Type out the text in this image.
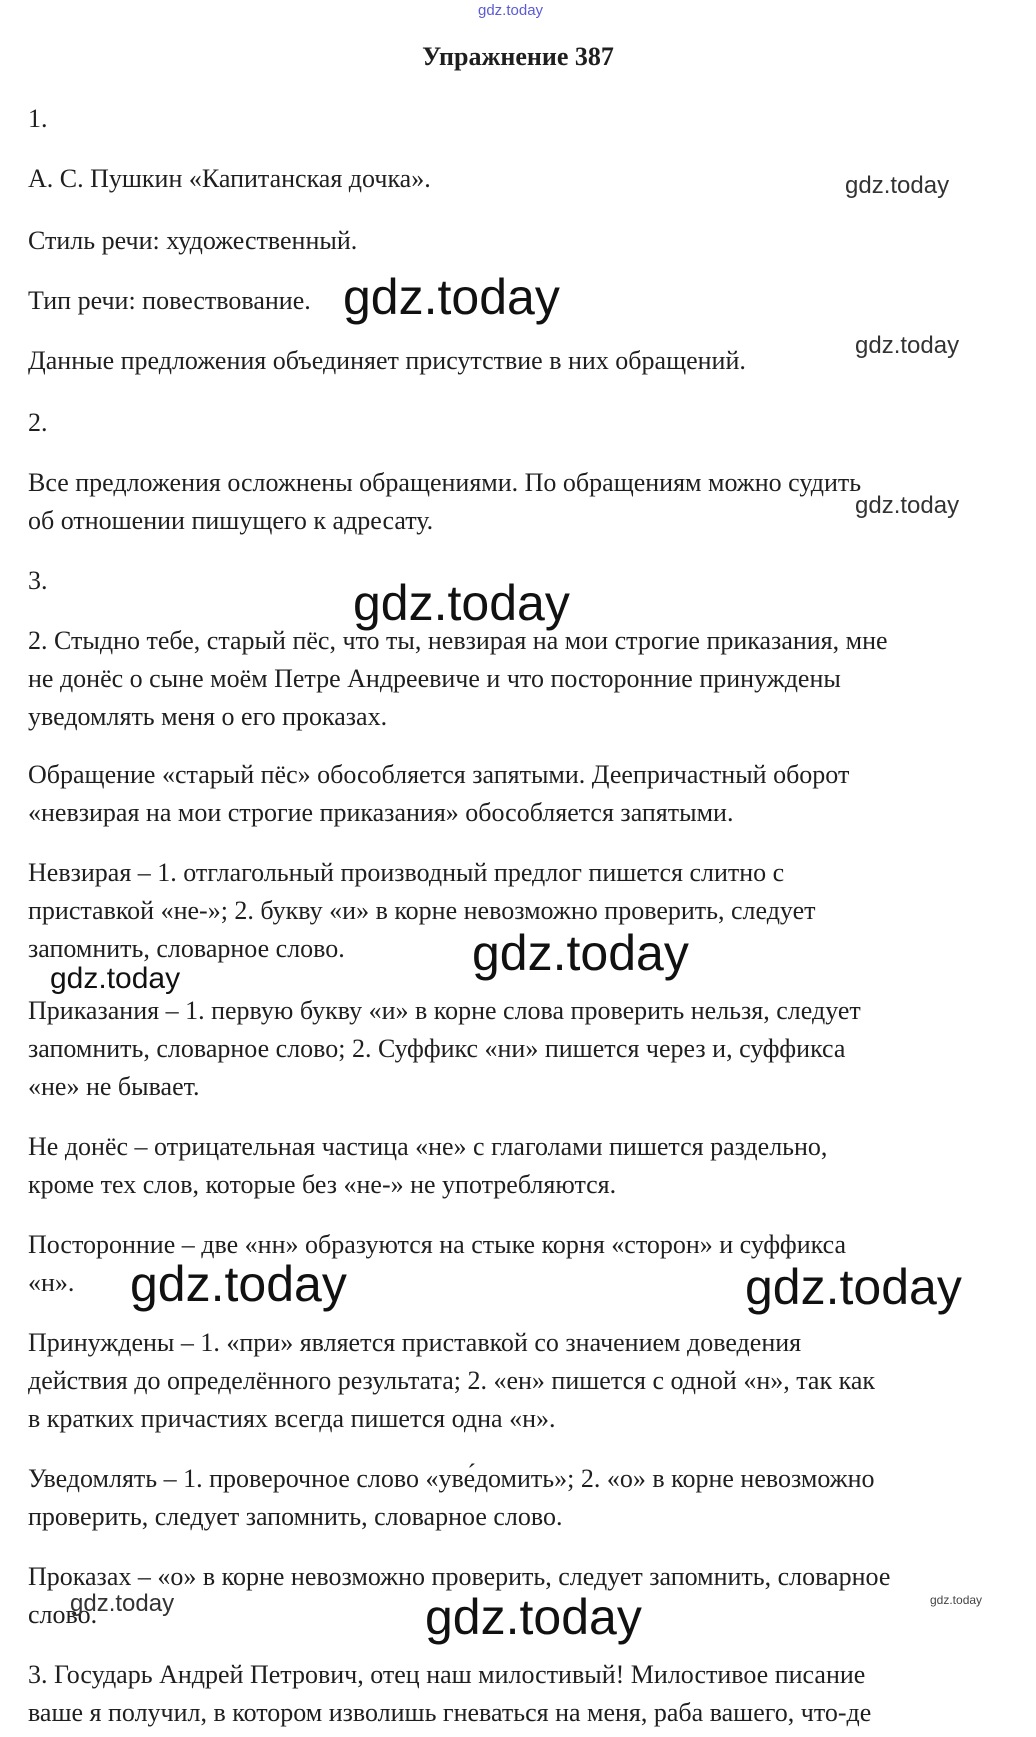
gdz.today
Упражнение 387
1.
А. С. Пушкин «Капитанская дочка».	gdz.today
Стиль речи: художественный.
Тип речи: повествование. gdz.today
Данные предложения объединяет присутствие в них обращений.
gdz.today
2.
Все предложения осложнены обращениями. По обращениям можно судить
об отношении пишущего к адресату.
gdz.today
3.	gdz.today
2. Стыдно тебе, старый пёс, что ты, невзирая на мои строгие приказания, мне
не донёс о сыне моём Петре Андреевиче и что посторонние принуждены
уведомлять меня о его проказах.
Обращение «старый пёс» обособляется запятыми. Деепричастный оборот
«невзирая на мои строгие приказания» обособляется запятыми.
Невзирая – 1. отглагольный производный предлог пишется слитно с
приставкой «не-»; 2. букву «и» в корне невозможно проверить, следует
запомнить, словарное слово.	gdz.today
gdz.today
Приказания – 1. первую букву «и» в корне слова проверить нельзя, следует
запомнить, словарное слово; 2. Суффикс «ни» пишется через и, суффикса
«не» не бывает.
Не донёс – отрицательная частица «не» с глаголами пишется раздельно,
кроме тех слов, которые без «не-» не употребляются.
Посторонние – две «нн» образуются на стыке корня «сторон» и суффикса
«н».	gdz.today	gdz.today
Принуждены – 1. «при» является приставкой со значением доведения
действия до определённого результата; 2. «ен» пишется с одной «н», так как
в кратких причастиях всегда пишется одна «н».
Уведомлять – 1. проверочное слово «уве́домить»; 2. «о» в корне невозможно
проверить, следует запомнить, словарное слово.
Проказах – «о» в корне невозможно проверить, следует запомнить, словарное
слово.
gdz.today	gdz.today
gdz.today
3. Государь Андрей Петрович, отец наш милостивый! Милостивое писание
ваше я получил, в котором изволишь гневаться на меня, раба вашего, что-де
